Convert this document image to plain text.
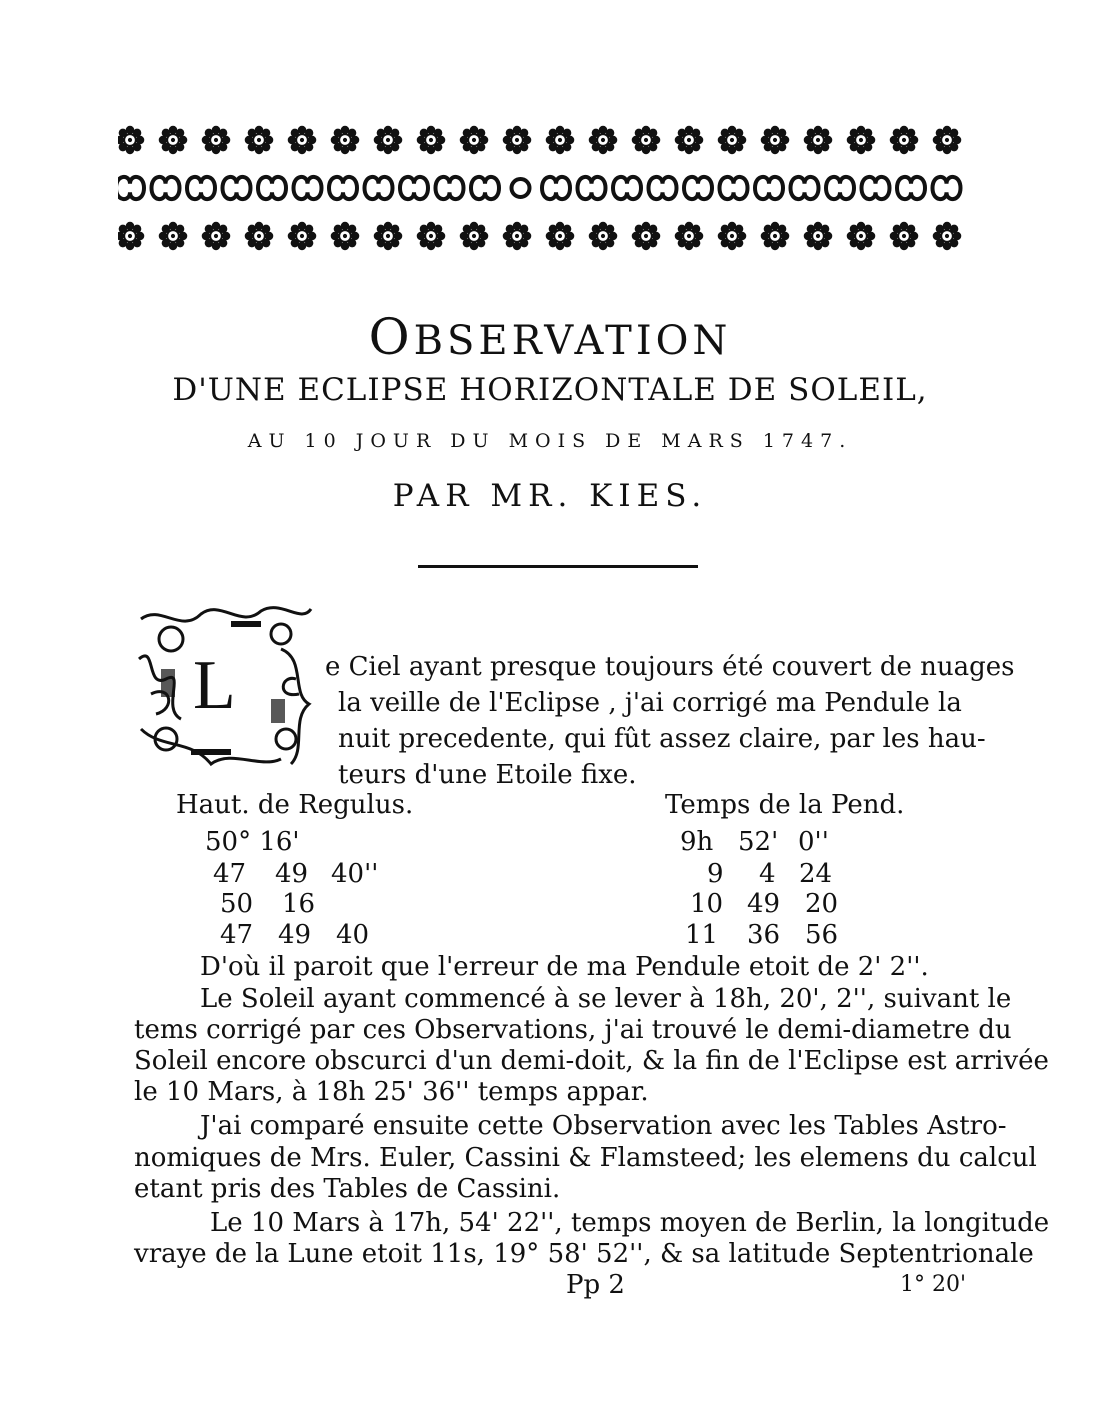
OBSERVATION
D'UNE ECLIPSE HORIZONTALE DE SOLEIL,
AU 10 JOUR DU MOIS DE MARS 1747.
PAR MR. KIES.
L	e Ciel ayant presque toujours été couvert de nuages
la veille de l'Eclipse , j'ai corrigé ma Pendule la
nuit precedente, qui fût assez claire, par les hau-
teurs d'une Etoile fixe.
Haut. de Regulus.	Temps de la Pend.
50° 16'	9h 52' 0''
47 49 40''	9 4 24
50 16	10 49 20
47 49 40	11 36 56
D'où il paroit que l'erreur de ma Pendule etoit de 2' 2''.
Le Soleil ayant commencé à se lever à 18h, 20', 2'', suivant le
tems corrigé par ces Observations, j'ai trouvé le demi-diametre du
Soleil encore obscurci d'un demi-doit, & la fin de l'Eclipse est arrivée
le 10 Mars, à 18h 25' 36'' temps appar.
J'ai comparé ensuite cette Observation avec les Tables Astro-
nomiques de Mrs. Euler, Cassini & Flamsteed; les elemens du calcul
etant pris des Tables de Cassini.
Le 10 Mars à 17h, 54' 22'', temps moyen de Berlin, la longitude
vraye de la Lune etoit 11s, 19° 58' 52'', & sa latitude Septentrionale
Pp 2	1° 20'
